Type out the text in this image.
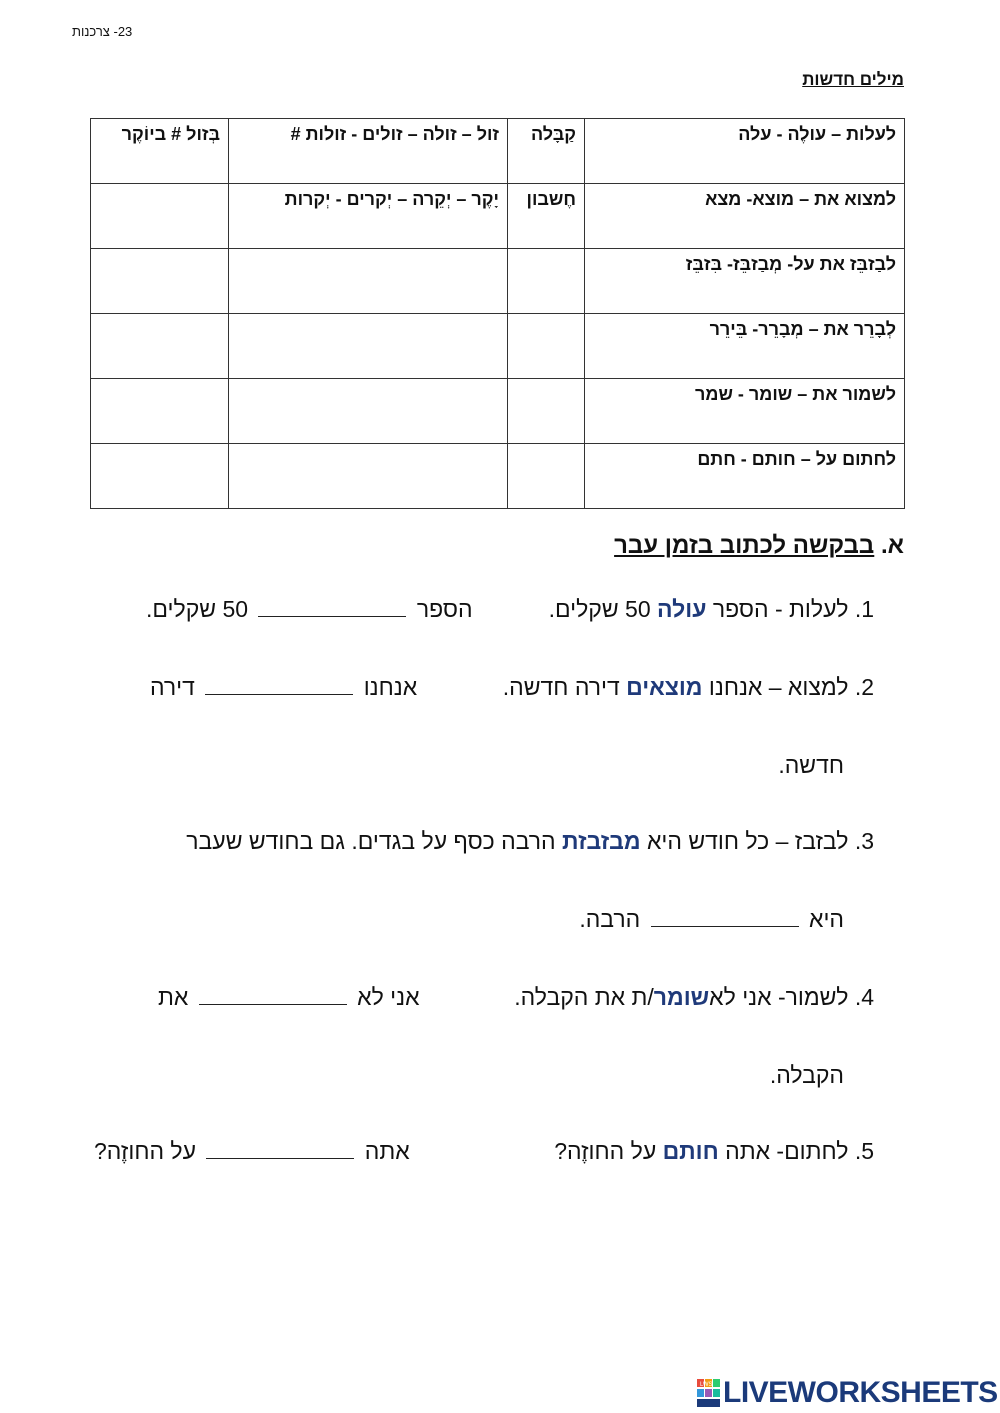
23- צרכנות
מילים חדשות
לעלות – עולֶה - עלה	קַבָּלה	זול – זולה – זולים - זולות #	בְּזול # ביוֹקֶר
למצוא את – מוצא- מצא	חֶשבון	יָקֶר – יְקֵרה – יְקרים - יְקרות	
לבַזבֵּז את על- מְבַזבֵּז- בִּזבֵּז			
לְבָרֵר את – מְבָרֵר- בֵּירֵר			
לשמור את – שומר - שמר			
לחתום על – חותם - חתם			
א. בבקשה לכתוב בזמן עבר
1. לעלות - הספר עולה 50 שקלים.
הספר  50 שקלים.
2. למצוא – אנחנו מוצאים דירה חדשה.
אנחנו  דירה
חדשה.
3. לבזבז – כל חודש היא מבזבזת הרבה כסף על בגדים. גם בחודש שעבר
היא  הרבה.
4. לשמור- אני לאשומר/ת את הקבלה.
אני לא  את
הקבלה.
5. לחתום- אתה חותם על החוזֶה?
אתה  על החוזֶה?
LWS LIVEWORKSHEETS
